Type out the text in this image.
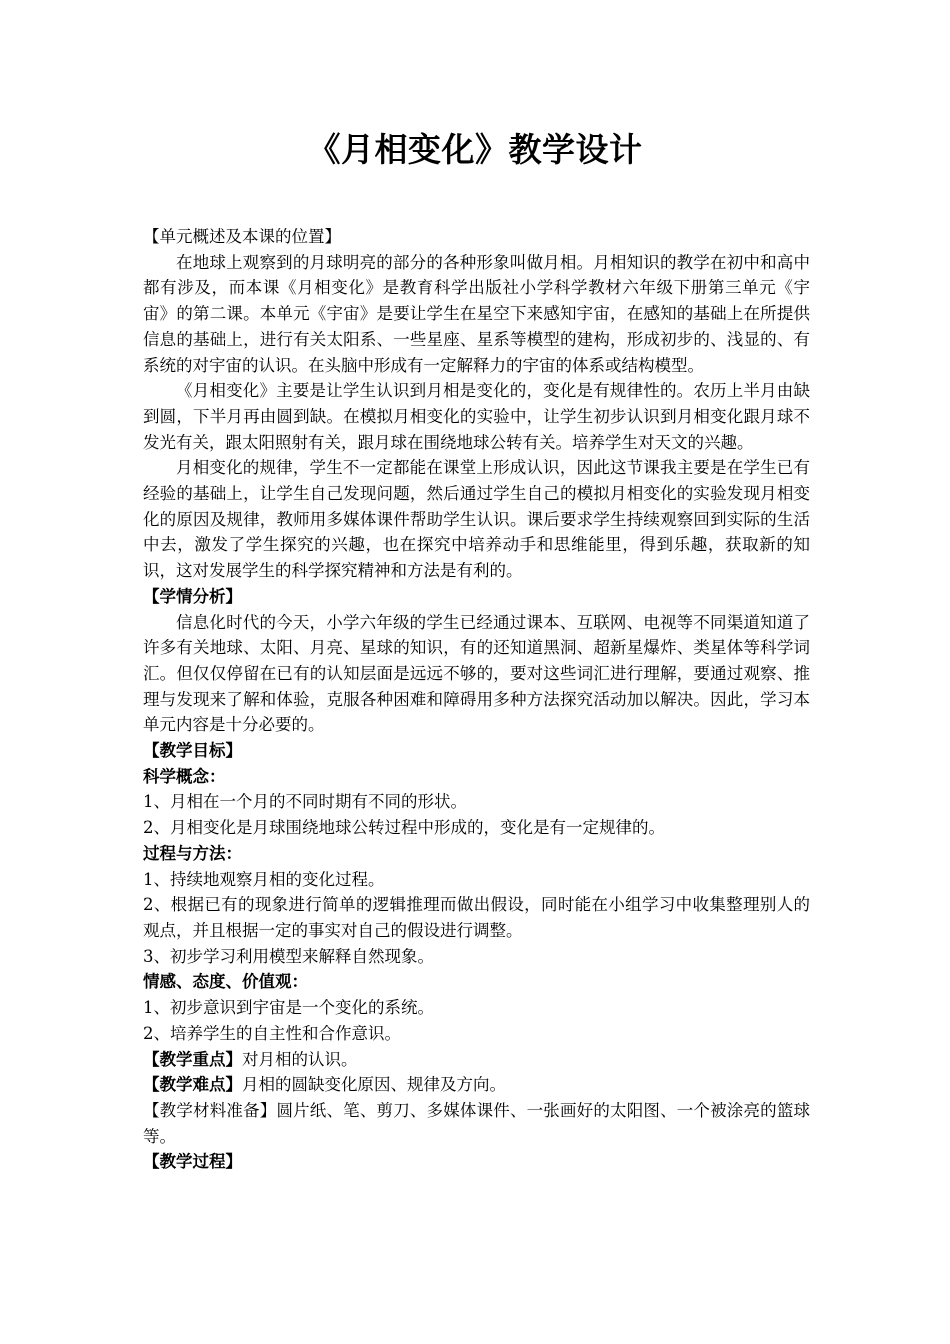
《月相变化》教学设计

【单元概述及本课的位置】

在地球上观察到的月球明亮的部分的各种形象叫做月相。月相知识的教学在初中和高中都有涉及，而本课《月相变化》是教育科学出版社小学科学教材六年级下册第三单元《宇宙》的第二课。本单元《宇宙》是要让学生在星空下来感知宇宙，在感知的基础上在所提供信息的基础上，进行有关太阳系、一些星座、星系等模型的建构，形成初步的、浅显的、有系统的对宇宙的认识。在头脑中形成有一定解释力的宇宙的体系或结构模型。

《月相变化》主要是让学生认识到月相是变化的，变化是有规律性的。农历上半月由缺到圆，下半月再由圆到缺。在模拟月相变化的实验中，让学生初步认识到月相变化跟月球不发光有关，跟太阳照射有关，跟月球在围绕地球公转有关。培养学生对天文的兴趣。

月相变化的规律，学生不一定都能在课堂上形成认识，因此这节课我主要是在学生已有经验的基础上，让学生自己发现问题，然后通过学生自己的模拟月相变化的实验发现月相变化的原因及规律，教师用多媒体课件帮助学生认识。课后要求学生持续观察回到实际的生活中去，激发了学生探究的兴趣，也在探究中培养动手和思维能里，得到乐趣，获取新的知识，这对发展学生的科学探究精神和方法是有利的。

【学情分析】

信息化时代的今天，小学六年级的学生已经通过课本、互联网、电视等不同渠道知道了许多有关地球、太阳、月亮、星球的知识，有的还知道黑洞、超新星爆炸、类星体等科学词汇。但仅仅停留在已有的认知层面是远远不够的，要对这些词汇进行理解，要通过观察、推理与发现来了解和体验，克服各种困难和障碍用多种方法探究活动加以解决。因此，学习本单元内容是十分必要的。

【教学目标】

科学概念：

1、月相在一个月的不同时期有不同的形状。

2、月相变化是月球围绕地球公转过程中形成的，变化是有一定规律的。

过程与方法：

1、持续地观察月相的变化过程。

2、根据已有的现象进行简单的逻辑推理而做出假设，同时能在小组学习中收集整理别人的观点，并且根据一定的事实对自己的假设进行调整。

3、初步学习利用模型来解释自然现象。

情感、态度、价值观：

1、初步意识到宇宙是一个变化的系统。

2、培养学生的自主性和合作意识。

【教学重点】对月相的认识。

【教学难点】月相的圆缺变化原因、规律及方向。

【教学材料准备】圆片纸、笔、剪刀、多媒体课件、一张画好的太阳图、一个被涂亮的篮球等。

【教学过程】
